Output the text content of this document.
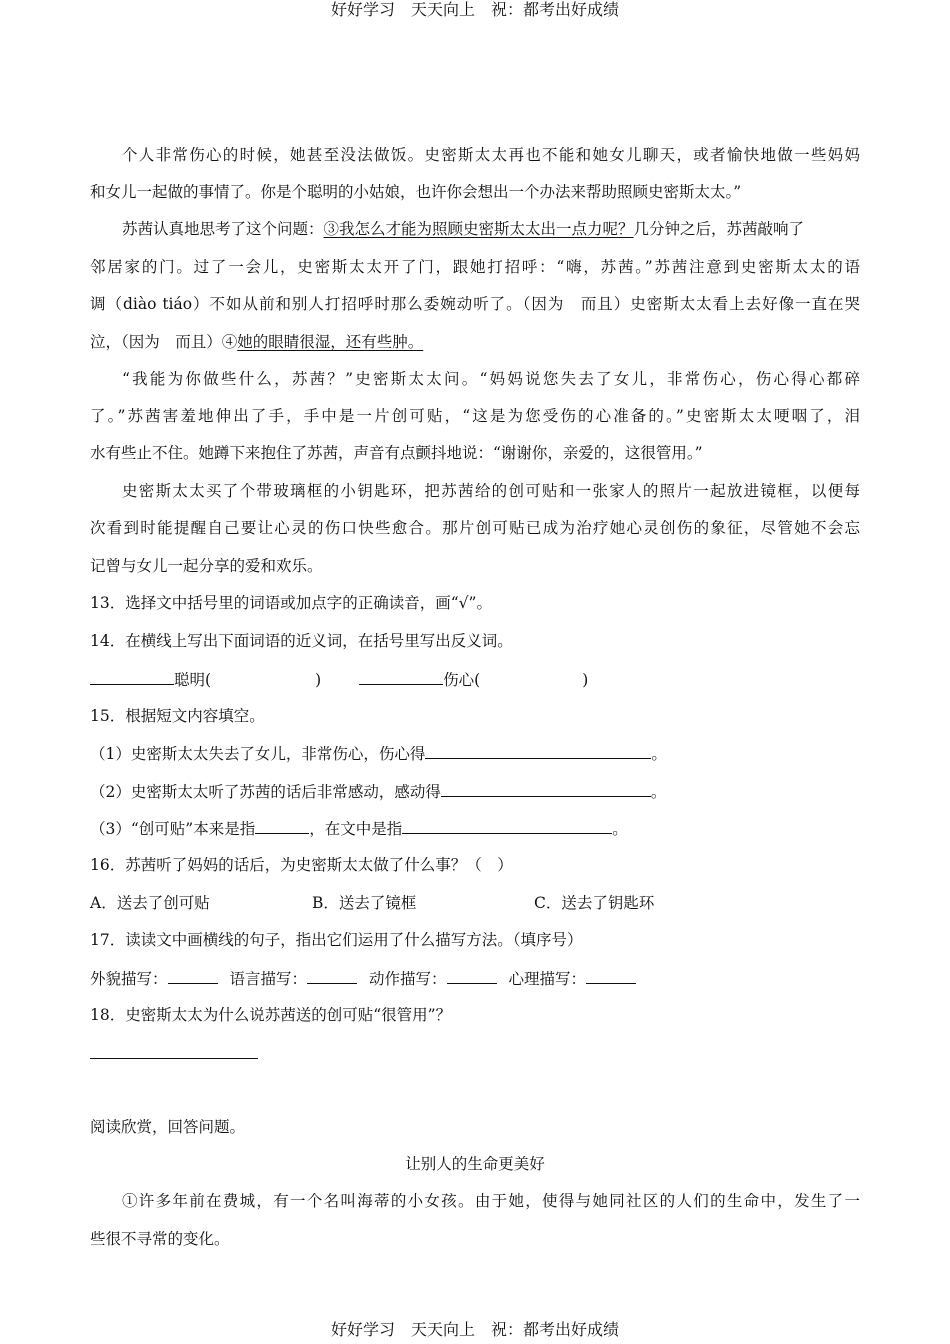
好好学习　天天向上　祝：都考出好成绩
个人非常伤心的时候，她甚至没法做饭。史密斯太太再也不能和她女儿聊天，或者愉快地做一些妈妈
和女儿一起做的事情了。你是个聪明的小姑娘，也许你会想出一个办法来帮助照顾史密斯太太。”
苏茜认真地思考了这个问题：③我怎么才能为照顾史密斯太太出一点力呢？几分钟之后，苏茜敲响了
邻居家的门。过了一会儿，史密斯太太开了门，跟她打招呼：“嗨，苏茜。”苏茜注意到史密斯太太的语
调（diào tiáo）不如从前和别人打招呼时那么委婉动听了。（因为　而且）史密斯太太看上去好像一直在哭
泣，（因为　而且）④她的眼睛很湿，还有些肿。
“我能为你做些什么，苏茜？”史密斯太太问。“妈妈说您失去了女儿，非常伤心，伤心得心都碎
了。”苏茜害羞地伸出了手，手中是一片创可贴，“这是为您受伤的心准备的。”史密斯太太哽咽了，泪
水有些止不住。她蹲下来抱住了苏茜，声音有点颤抖地说：“谢谢你，亲爱的，这很管用。”
史密斯太太买了个带玻璃框的小钥匙环，把苏茜给的创可贴和一张家人的照片一起放进镜框，以便每
次看到时能提醒自己要让心灵的伤口快些愈合。那片创可贴已成为治疗她心灵创伤的象征，尽管她不会忘
记曾与女儿一起分享的爱和欢乐。
13．选择文中括号里的词语或加点字的正确读音，画“√”。
14．在横线上写出下面词语的近义词，在括号里写出反义词。
聪明(	)	伤心(	)
15．根据短文内容填空。
（1）史密斯太太失去了女儿，非常伤心，伤心得	。
（2）史密斯太太听了苏茜的话后非常感动，感动得	。
（3）“创可贴”本来是指	，在文中是指	。
16．苏茜听了妈妈的话后，为史密斯太太做了什么事？（　）
A．送去了创可贴	B．送去了镜框	C．送去了钥匙环
17．读读文中画横线的句子，指出它们运用了什么描写方法。（填序号）
外貌描写：	语言描写：	动作描写：	心理描写：
18．史密斯太太为什么说苏茜送的创可贴“很管用”？
阅读欣赏，回答问题。
让别人的生命更美好
①许多年前在费城，有一个名叫海蒂的小女孩。由于她，使得与她同社区的人们的生命中，发生了一
些很不寻常的变化。
好好学习　天天向上　祝：都考出好成绩
